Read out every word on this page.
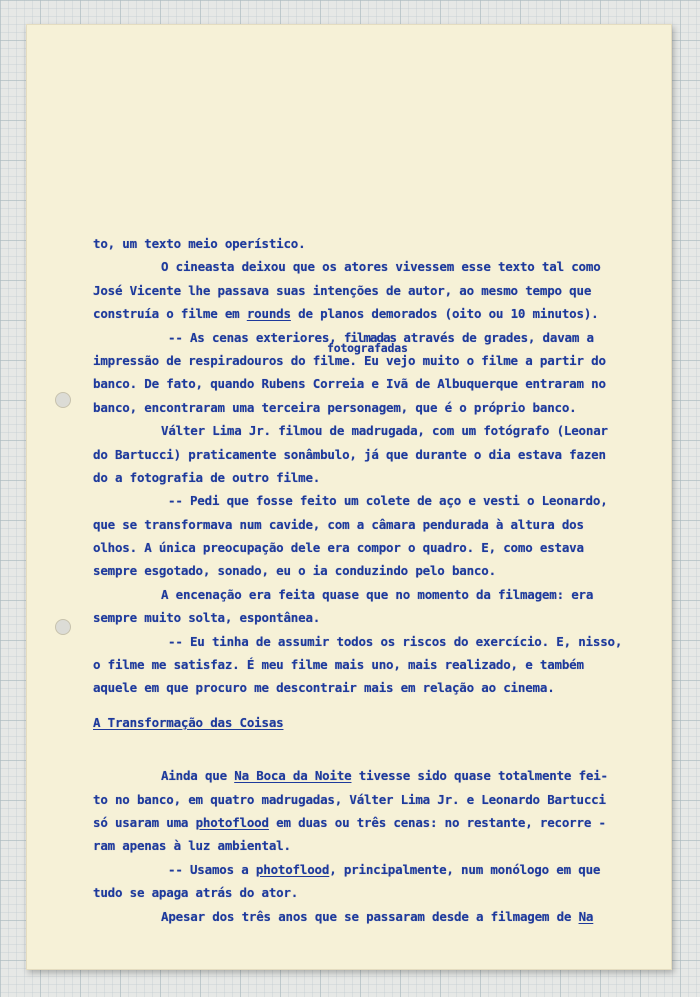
fotografadas
to, um texto meio operístico.
O cineasta deixou que os atores vivessem esse texto tal como
José Vicente lhe passava suas intenções de autor, ao mesmo tempo que
construía o filme em rounds de planos demorados (oito ou 10 minutos).
-- As cenas exteriores, filmadas através de grades, davam a
impressão de respiradouros do filme. Eu vejo muito o filme a partir do
banco. De fato, quando Rubens Correia e Ivã de Albuquerque entraram no
banco, encontraram uma terceira personagem, que é o próprio banco.
Válter Lima Jr. filmou de madrugada, com um fotógrafo (Leonar
do Bartucci) praticamente sonâmbulo, já que durante o dia estava fazen
do a fotografia de outro filme.
-- Pedi que fosse feito um colete de aço e vesti o Leonardo,
que se transformava num cavide, com a câmara pendurada à altura dos
olhos. A única preocupação dele era compor o quadro. E, como estava
sempre esgotado, sonado, eu o ia conduzindo pelo banco.
A encenação era feita quase que no momento da filmagem: era
sempre muito solta, espontânea.
-- Eu tinha de assumir todos os riscos do exercício. E, nisso,
o filme me satisfaz. É meu filme mais uno, mais realizado, e também
aquele em que procuro me descontrair mais em relação ao cinema.
A Transformação das Coisas
Ainda que Na Boca da Noite tivesse sido quase totalmente fei-
to no banco, em quatro madrugadas, Válter Lima Jr. e Leonardo Bartucci
só usaram uma photoflood em duas ou três cenas: no restante, recorre -
ram apenas à luz ambiental.
-- Usamos a photoflood, principalmente, num monólogo em que
tudo se apaga atrás do ator.
Apesar dos três anos que se passaram desde a filmagem de Na
